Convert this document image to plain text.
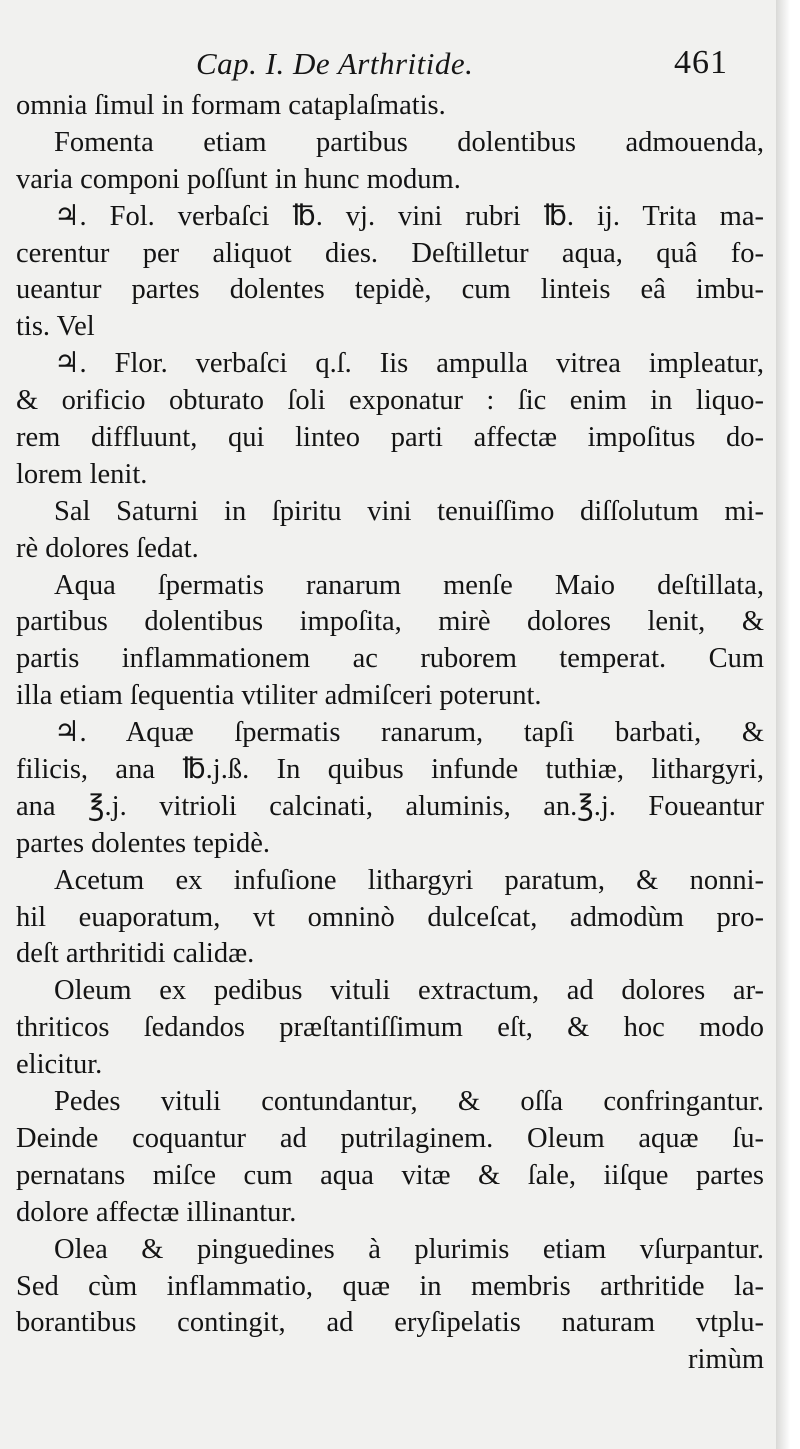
Cap. I. De Arthritide.	461
omnia ſimul in formam cataplaſmatis.
Fomenta etiam partibus dolentibus admouenda,
varia componi poſſunt in hunc modum.
♃. Fol. verbaſci ℔. vj. vini rubri ℔. ij. Trita ma-
cerentur per aliquot dies. Deſtilletur aqua, quâ fo-
ueantur partes dolentes tepidè, cum linteis eâ imbu-
tis. Vel
♃. Flor. verbaſci q.ſ. Iis ampulla vitrea impleatur,
& orificio obturato ſoli exponatur : ſic enim in liquo-
rem diffluunt, qui linteo parti affectæ impoſitus do-
lorem lenit.
Sal Saturni in ſpiritu vini tenuiſſimo diſſolutum mi-
rè dolores ſedat.
Aqua ſpermatis ranarum menſe Maio deſtillata,
partibus dolentibus impoſita, mirè dolores lenit, &
partis inflammationem ac ruborem temperat. Cum
illa etiam ſequentia vtiliter admiſceri poterunt.
♃. Aquæ ſpermatis ranarum, tapſi barbati, &
filicis, ana ℔.j.ß. In quibus infunde tuthiæ, lithargyri,
ana ℥.j. vitrioli calcinati, aluminis, an.℥.j. Foueantur
partes dolentes tepidè.
Acetum ex infuſione lithargyri paratum, & nonni-
hil euaporatum, vt omninò dulceſcat, admodùm pro-
deſt arthritidi calidæ.
Oleum ex pedibus vituli extractum, ad dolores ar-
thriticos ſedandos præſtantiſſimum eſt, & hoc modo
elicitur.
Pedes vituli contundantur, & oſſa confringantur.
Deinde coquantur ad putrilaginem. Oleum aquæ ſu-
pernatans miſce cum aqua vitæ & ſale, iiſque partes
dolore affectæ illinantur.
Olea & pinguedines à plurimis etiam vſurpantur.
Sed cùm inflammatio, quæ in membris arthritide la-
borantibus contingit, ad eryſipelatis naturam vtplu-
rimùm
